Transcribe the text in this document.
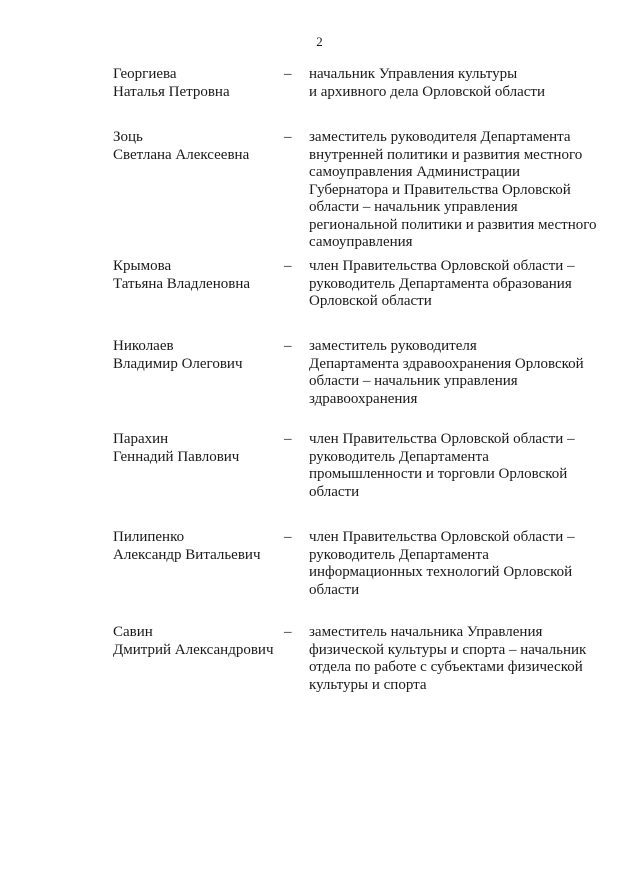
2
Георгиева
Наталья Петровна
– начальник Управления культуры
и архивного дела Орловской области
Зоць
Светлана Алексеевна
– заместитель руководителя Департамента
внутренней политики и развития местного
самоуправления Администрации
Губернатора и Правительства Орловской
области – начальник управления
региональной политики и развития местного
самоуправления
Крымова
Татьяна Владленовна
– член Правительства Орловской области –
руководитель Департамента образования
Орловской области
Николаев
Владимир Олегович
– заместитель руководителя
Департамента здравоохранения Орловской
области – начальник управления
здравоохранения
Парахин
Геннадий Павлович
– член Правительства Орловской области –
руководитель Департамента
промышленности и торговли Орловской
области
Пилипенко
Александр Витальевич
– член Правительства Орловской области –
руководитель Департамента
информационных технологий Орловской
области
Савин
Дмитрий Александрович
– заместитель начальника Управления
физической культуры и спорта – начальник
отдела по работе с субъектами физической
культуры и спорта
